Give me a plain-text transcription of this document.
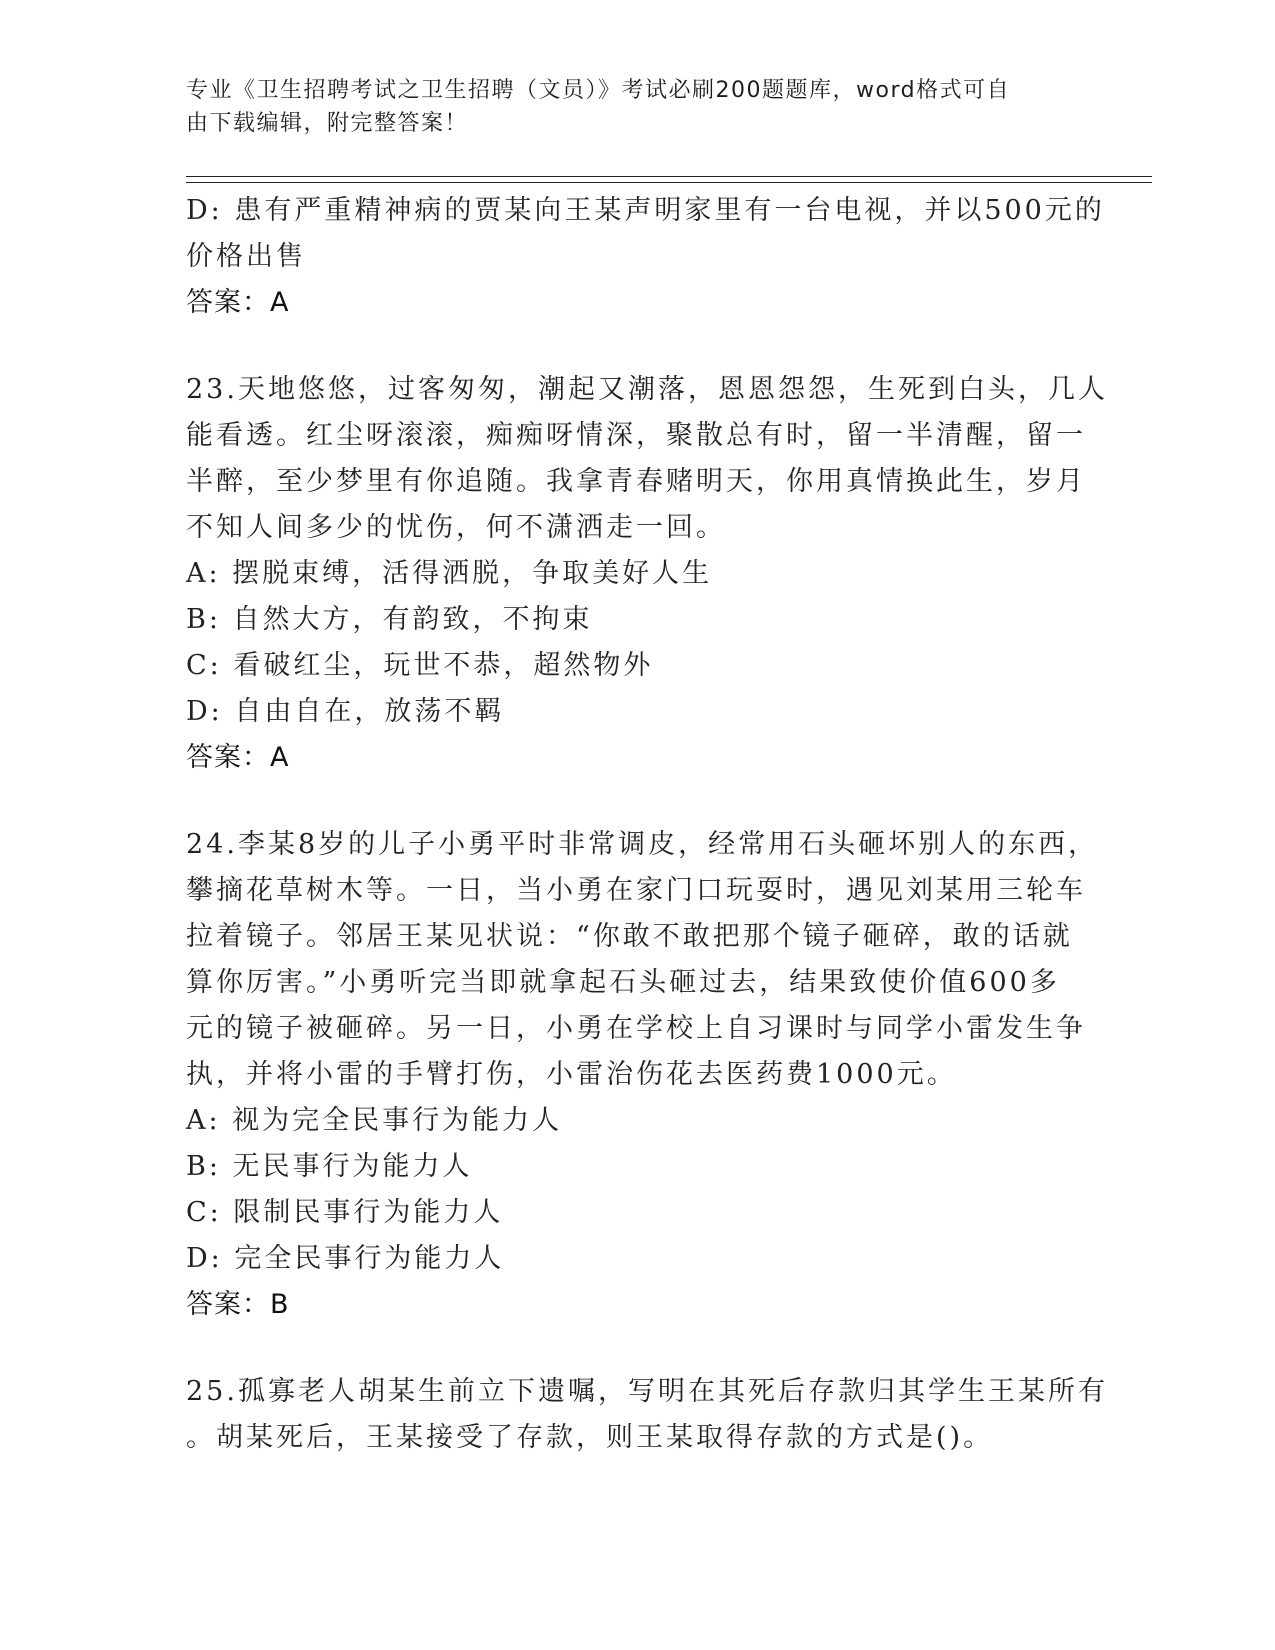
专业《卫生招聘考试之卫生招聘（文员）》考试必刷200题题库，word格式可自
由下载编辑，附完整答案！
D: 患有严重精神病的贾某向王某声明家里有一台电视，并以500元的
价格出售
答案：A
23.天地悠悠，过客匆匆，潮起又潮落，恩恩怨怨，生死到白头，几人
能看透。红尘呀滚滚，痴痴呀情深，聚散总有时，留一半清醒，留一
半醉，至少梦里有你追随。我拿青春赌明天，你用真情换此生，岁月
不知人间多少的忧伤，何不潇洒走一回。
A: 摆脱束缚，活得洒脱，争取美好人生
B: 自然大方，有韵致，不拘束
C: 看破红尘，玩世不恭，超然物外
D: 自由自在，放荡不羁
答案：A
24.李某8岁的儿子小勇平时非常调皮，经常用石头砸坏别人的东西，
攀摘花草树木等。一日，当小勇在家门口玩耍时，遇见刘某用三轮车
拉着镜子。邻居王某见状说：“你敢不敢把那个镜子砸碎，敢的话就
算你厉害。”小勇听完当即就拿起石头砸过去，结果致使价值600多
元的镜子被砸碎。另一日，小勇在学校上自习课时与同学小雷发生争
执，并将小雷的手臂打伤，小雷治伤花去医药费1000元。
A: 视为完全民事行为能力人
B: 无民事行为能力人
C: 限制民事行为能力人
D: 完全民事行为能力人
答案：B
25.孤寡老人胡某生前立下遗嘱，写明在其死后存款归其学生王某所有
。胡某死后，王某接受了存款，则王某取得存款的方式是()。
